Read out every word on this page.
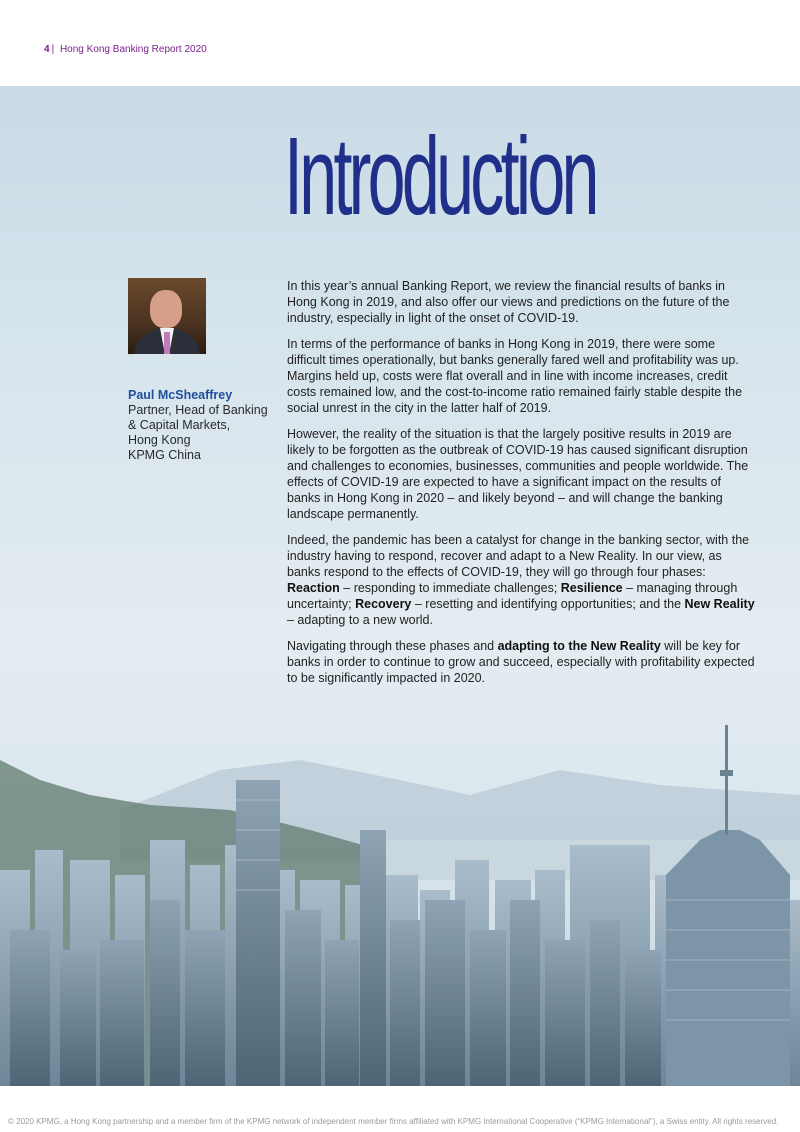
4 | Hong Kong Banking Report 2020
Introduction
Paul McSheaffrey
Partner, Head of Banking
& Capital Markets,
Hong Kong
KPMG China

In this year’s annual Banking Report, we review the financial results of banks in Hong Kong in 2019, and also offer our views and predictions on the future of the industry, especially in light of the onset of COVID-19.

In terms of the performance of banks in Hong Kong in 2019, there were some difficult times operationally, but banks generally fared well and profitability was up. Margins held up, costs were flat overall and in line with income increases, credit costs remained low, and the cost-to-income ratio remained fairly stable despite the social unrest in the city in the latter half of 2019.

However, the reality of the situation is that the largely positive results in 2019 are likely to be forgotten as the outbreak of COVID-19 has caused significant disruption and challenges to economies, businesses, communities and people worldwide. The effects of COVID-19 are expected to have a significant impact on the results of banks in Hong Kong in 2020 – and likely beyond – and will change the banking landscape permanently.

Indeed, the pandemic has been a catalyst for change in the banking sector, with the industry having to respond, recover and adapt to a New Reality. In our view, as banks respond to the effects of COVID-19, they will go through four phases: Reaction – responding to immediate challenges; Resilience – managing through uncertainty; Recovery – resetting and identifying opportunities; and the New Reality – adapting to a new world.

Navigating through these phases and adapting to the New Reality will be key for banks in order to continue to grow and succeed, especially with profitability expected to be significantly impacted in 2020.

© 2020 KPMG, a Hong Kong partnership and a member firm of the KPMG network of independent member firms affiliated with KPMG International Cooperative (“KPMG International”), a Swiss entity. All rights reserved.
